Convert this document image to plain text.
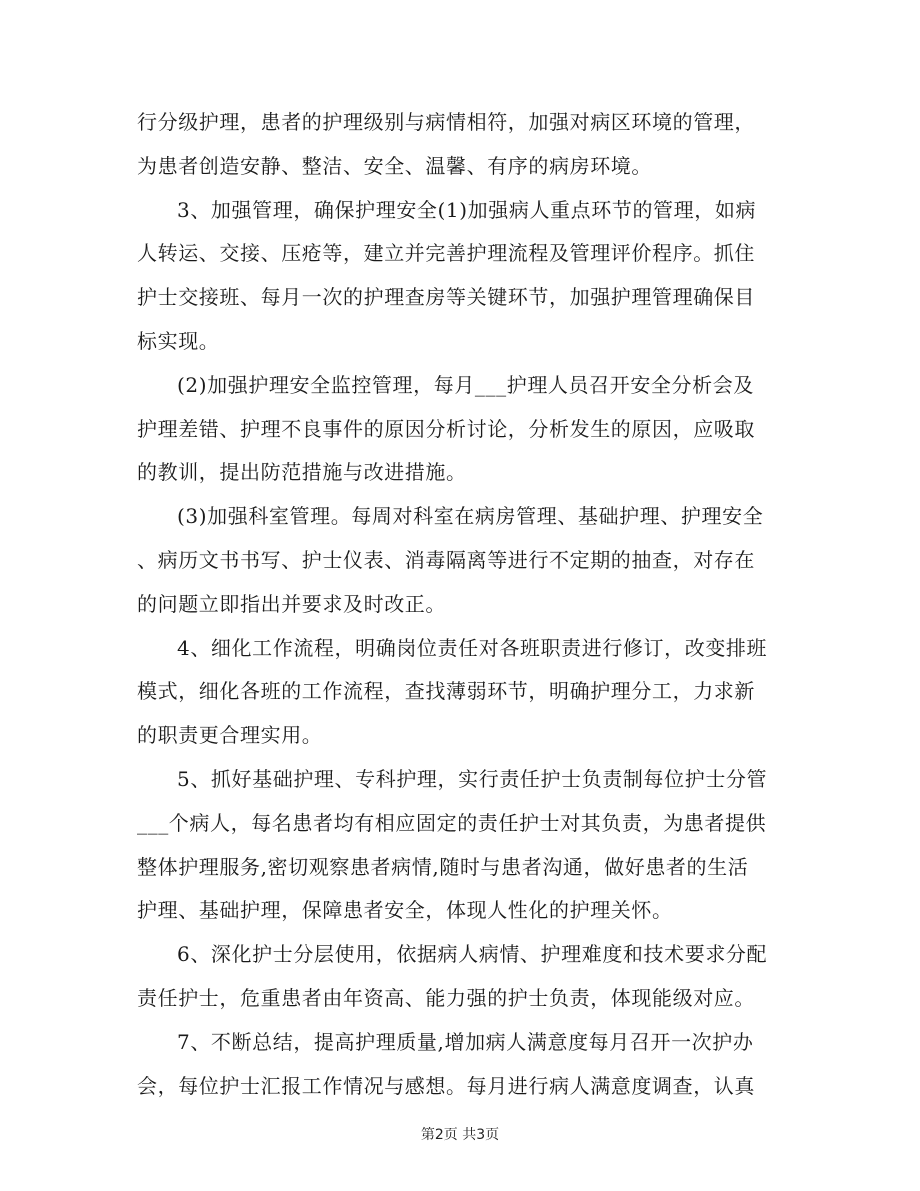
行分级护理，患者的护理级别与病情相符，加强对病区环境的管理，
为患者创造安静、整洁、安全、温馨、有序的病房环境。
3、加强管理，确保护理安全(1)加强病人重点环节的管理，如病
人转运、交接、压疮等，建立并完善护理流程及管理评价程序。抓住
护士交接班、每月一次的护理查房等关键环节，加强护理管理确保目
标实现。
(2)加强护理安全监控管理，每月___护理人员召开安全分析会及
护理差错、护理不良事件的原因分析讨论，分析发生的原因，应吸取
的教训，提出防范措施与改进措施。
(3)加强科室管理。每周对科室在病房管理、基础护理、护理安全
、病历文书书写、护士仪表、消毒隔离等进行不定期的抽查，对存在
的问题立即指出并要求及时改正。
4、细化工作流程，明确岗位责任对各班职责进行修订，改变排班
模式，细化各班的工作流程，查找薄弱环节，明确护理分工，力求新
的职责更合理实用。
5、抓好基础护理、专科护理，实行责任护士负责制每位护士分管
___个病人，每名患者均有相应固定的责任护士对其负责，为患者提供
整体护理服务,密切观察患者病情,随时与患者沟通，做好患者的生活
护理、基础护理，保障患者安全，体现人性化的护理关怀。
6、深化护士分层使用，依据病人病情、护理难度和技术要求分配
责任护士，危重患者由年资高、能力强的护士负责，体现能级对应。
7、不断总结，提高护理质量,增加病人满意度每月召开一次护办
会，每位护士汇报工作情况与感想。每月进行病人满意度调查，认真
第2页 共3页
